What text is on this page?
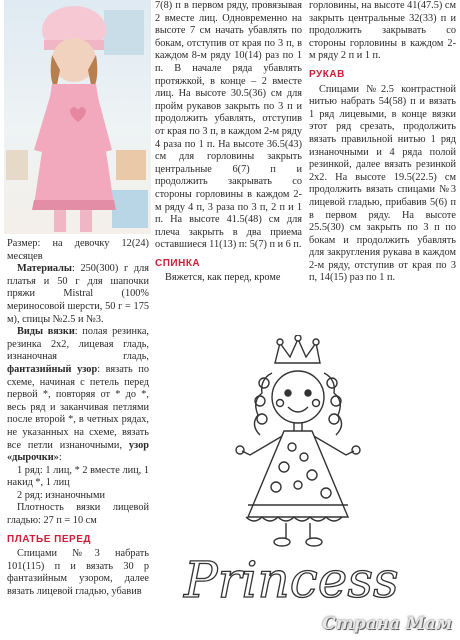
Размер: на девочку 12(24) месяцев

Материалы: 250(300) г для платья и 50 г для шапочки пряжи Mistral (100% мериносовой шерсти, 50 г = 175 м), спицы №2.5 и №3.

Виды вязки: полая резинка, резинка 2х2, лицевая гладь, изнаночная гладь, фантазийный узор: вязать по схеме, начиная с петель перед первой *, повторяя от * до *, весь ряд и заканчивая петлями после второй *, в четных рядах, не указанных на схеме, вязать все петли изнаночными, узор «дырочки»:

1 ряд: 1 лиц, * 2 вместе лиц, 1 накид *, 1 лиц

2 ряд: изнаночными

Плотность вязки лицевой гладью: 27 п = 10 см

ПЛАТЬЕ ПЕРЕД

Спицами №3 набрать 101(115) п и вязать 30 р фантазийным узором, далее вязать лицевой гладью, убавив

7(8) п в первом ряду, провязывая 2 вместе лиц. Одновременно на высоте 7 см начать убавлять по бокам, отступив от края по 3 п, в каждом 8-м ряду 10(14) раз по 1 п. В начале ряда убавлять протяжкой, в конце – 2 вместе лиц. На высоте 30.5(36) см для пройм рукавов закрыть по 3 п и продолжить убавлять, отступив от края по 3 п, в каждом 2-м ряду 4 раза по 1 п. На высоте 36.5(43) см для горловины закрыть центральные 6(7) п и продолжить закрывать со стороны горловины в каждом 2-м ряду 4 п, 3 раза по 3 п, 2 п и 1 п. На высоте 41.5(48) см для плеча закрыть в два приема оставшиеся 11(13) п: 5(7) п и 6 п.

СПИНКА

Вяжется, как перед, кроме

горловины, на высоте 41(47.5) см закрыть центральные 32(33) п и продолжить закрывать со стороны горловины в каждом 2-м ряду 2 п и 1 п.

РУКАВ

Спицами №2.5 контрастной нитью набрать 54(58) п и вязать 1 ряд лицевыми, в конце вязки этот ряд срезать, продолжить вязать правильной нитью 1 ряд изнаночными и 4 ряда полой резинкой, далее вязать резинкой 2х2. На высоте 19.5(22.5) см продолжить вязать спицами №3 лицевой гладью, прибавив 5(6) п в первом ряду. На высоте 25.5(30) см закрыть по 3 п по бокам и продолжить убавлять для закругления рукава в каждом 2-м ряду, отступив от края по 3 п, 14(15) раз по 1 п.

Princess
Страна Мам
